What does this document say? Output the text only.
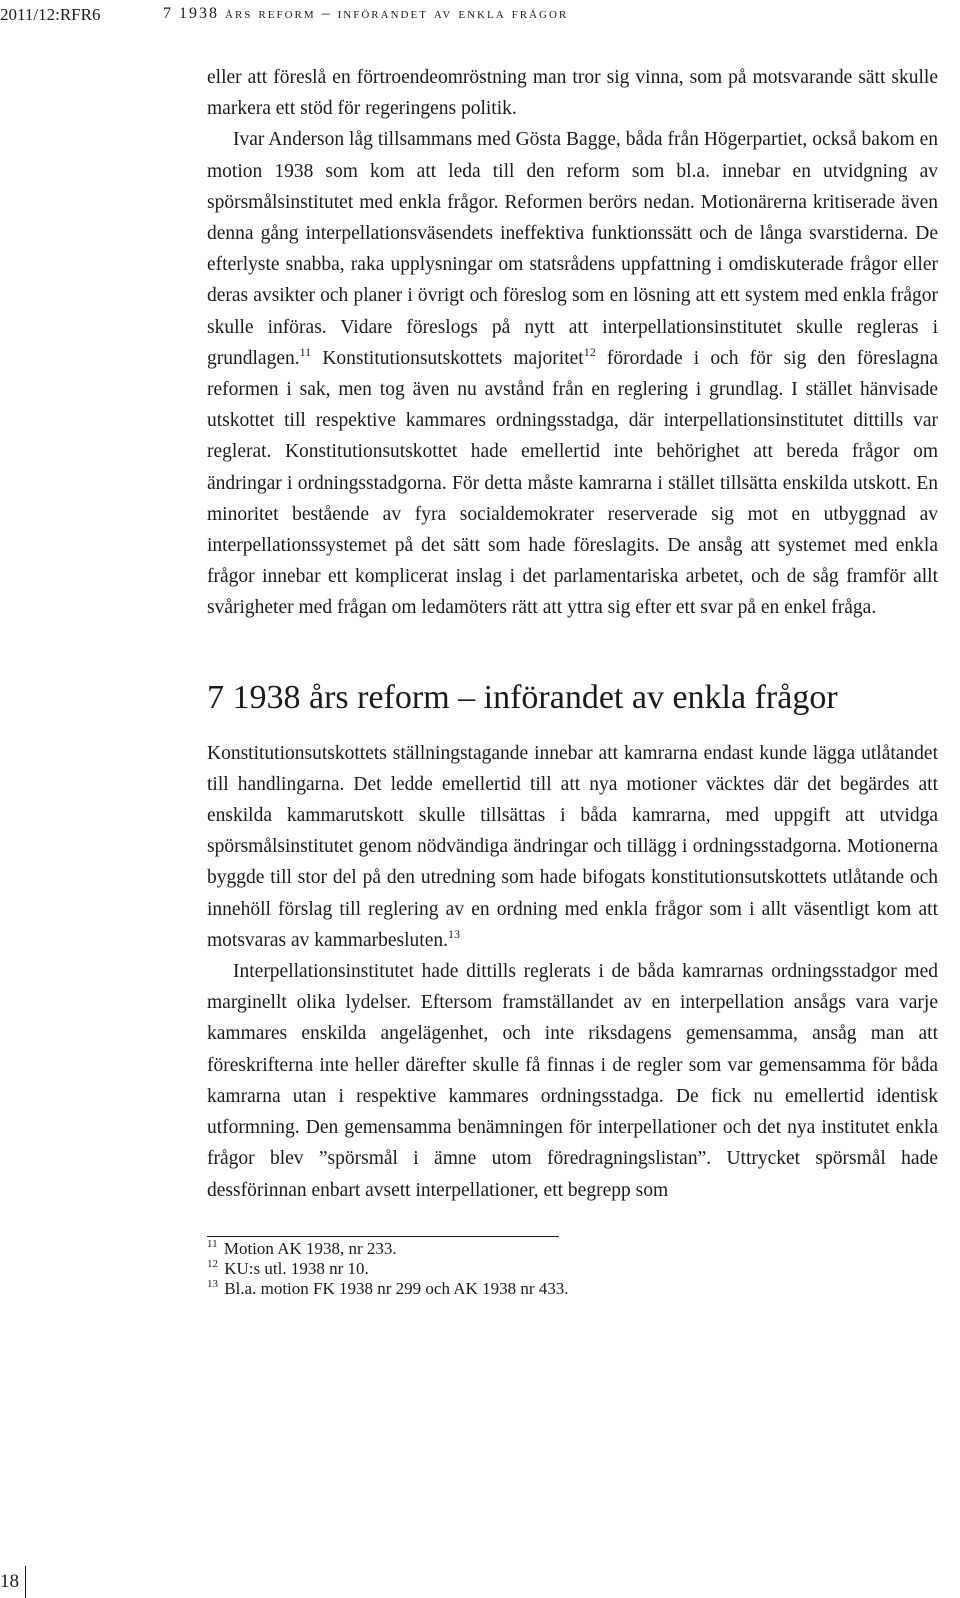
2011/12:RFR6	7 1938 års reform – införandet av enkla frågor

eller att föreslå en förtroendeomröstning man tror sig vinna, som på motsvarande sätt skulle markera ett stöd för regeringens politik.

Ivar Anderson låg tillsammans med Gösta Bagge, båda från Högerpartiet, också bakom en motion 1938 som kom att leda till den reform som bl.a. innebar en utvidgning av spörsmålsinstitutet med enkla frågor. Reformen berörs nedan. Motionärerna kritiserade även denna gång interpellationsväsendets ineffektiva funktionssätt och de långa svarstiderna. De efterlyste snabba, raka upplysningar om statsrådens uppfattning i omdiskuterade frågor eller deras avsikter och planer i övrigt och föreslog som en lösning att ett system med enkla frågor skulle införas. Vidare föreslogs på nytt att interpellationsinstitutet skulle regleras i grundlagen.$^{11}$ Konstitutionsutskottets majoritet$^{12}$ förordade i och för sig den föreslagna reformen i sak, men tog även nu avstånd från en reglering i grundlag. I stället hänvisade utskottet till respektive kammares ordningsstadga, där interpellationsinstitutet dittills var reglerat. Konstitutionsutskottet hade emellertid inte behörighet att bereda frågor om ändringar i ordningsstadgorna. För detta måste kamrarna i stället tillsätta enskilda utskott. En minoritet bestående av fyra socialdemokrater reserverade sig mot en utbyggnad av interpellationssystemet på det sätt som hade föreslagits. De ansåg att systemet med enkla frågor innebar ett komplicerat inslag i det parlamentariska arbetet, och de såg framför allt svårigheter med frågan om ledamöters rätt att yttra sig efter ett svar på en enkel fråga.

7 1938 års reform – införandet av enkla frågor

Konstitutionsutskottets ställningstagande innebar att kamrarna endast kunde lägga utlåtandet till handlingarna. Det ledde emellertid till att nya motioner väcktes där det begärdes att enskilda kammarutskott skulle tillsättas i båda kamrarna, med uppgift att utvidga spörsmålsinstitutet genom nödvändiga ändringar och tillägg i ordningsstadgorna. Motionerna byggde till stor del på den utredning som hade bifogats konstitutionsutskottets utlåtande och innehöll förslag till reglering av en ordning med enkla frågor som i allt väsentligt kom att motsvaras av kammarbesluten.$^{13}$

Interpellationsinstitutet hade dittills reglerats i de båda kamrarnas ordningsstadgor med marginellt olika lydelser. Eftersom framställandet av en interpellation ansågs vara varje kammares enskilda angelägenhet, och inte riksdagens gemensamma, ansåg man att föreskrifterna inte heller därefter skulle få finnas i de regler som var gemensamma för båda kamrarna utan i respektive kammares ordningsstadga. De fick nu emellertid identisk utformning. Den gemensamma benämningen för interpellationer och det nya institutet enkla frågor blev ”spörsmål i ämne utom föredragningslistan”. Uttrycket spörsmål hade dessförinnan enbart avsett interpellationer, ett begrepp som

$^{11}$ Motion AK 1938, nr 233.
$^{12}$ KU:s utl. 1938 nr 10.
$^{13}$ Bl.a. motion FK 1938 nr 299 och AK 1938 nr 433.
18
